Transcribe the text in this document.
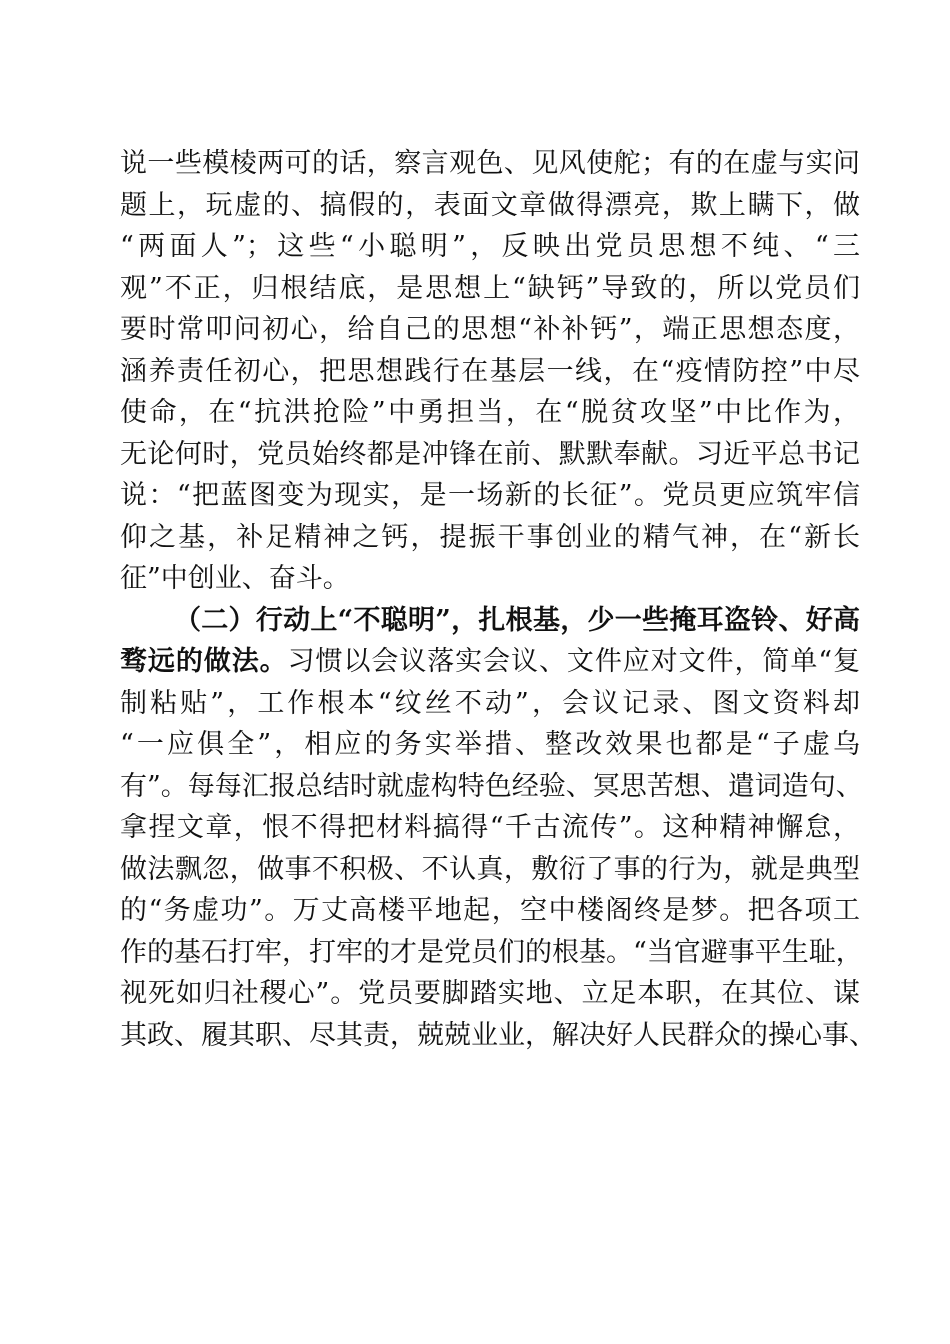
说一些模棱两可的话，察言观色、见风使舵；有的在虚与实问
题上，玩虚的、搞假的，表面文章做得漂亮，欺上瞒下，做
“两面人”；这些“小聪明”，反映出党员思想不纯、“三
观”不正，归根结底，是思想上“缺钙”导致的，所以党员们
要时常叩问初心，给自己的思想“补补钙”，端正思想态度，
涵养责任初心，把思想践行在基层一线，在“疫情防控”中尽
使命，在“抗洪抢险”中勇担当，在“脱贫攻坚”中比作为，
无论何时，党员始终都是冲锋在前、默默奉献。习近平总书记
说：“把蓝图变为现实，是一场新的长征”。党员更应筑牢信
仰之基，补足精神之钙，提振干事创业的精气神，在“新长
征”中创业、奋斗。
（二）行动上“不聪明”，扎根基，少一些掩耳盗铃、好高
骛远的做法。习惯以会议落实会议、文件应对文件，简单“复
制粘贴”，工作根本“纹丝不动”，会议记录、图文资料却
“一应俱全”，相应的务实举措、整改效果也都是“子虚乌
有”。每每汇报总结时就虚构特色经验、冥思苦想、遣词造句、
拿捏文章，恨不得把材料搞得“千古流传”。这种精神懈怠，
做法飘忽，做事不积极、不认真，敷衍了事的行为，就是典型
的“务虚功”。万丈高楼平地起，空中楼阁终是梦。把各项工
作的基石打牢，打牢的才是党员们的根基。“当官避事平生耻，
视死如归社稷心”。党员要脚踏实地、立足本职，在其位、谋
其政、履其职、尽其责，兢兢业业，解决好人民群众的操心事、
